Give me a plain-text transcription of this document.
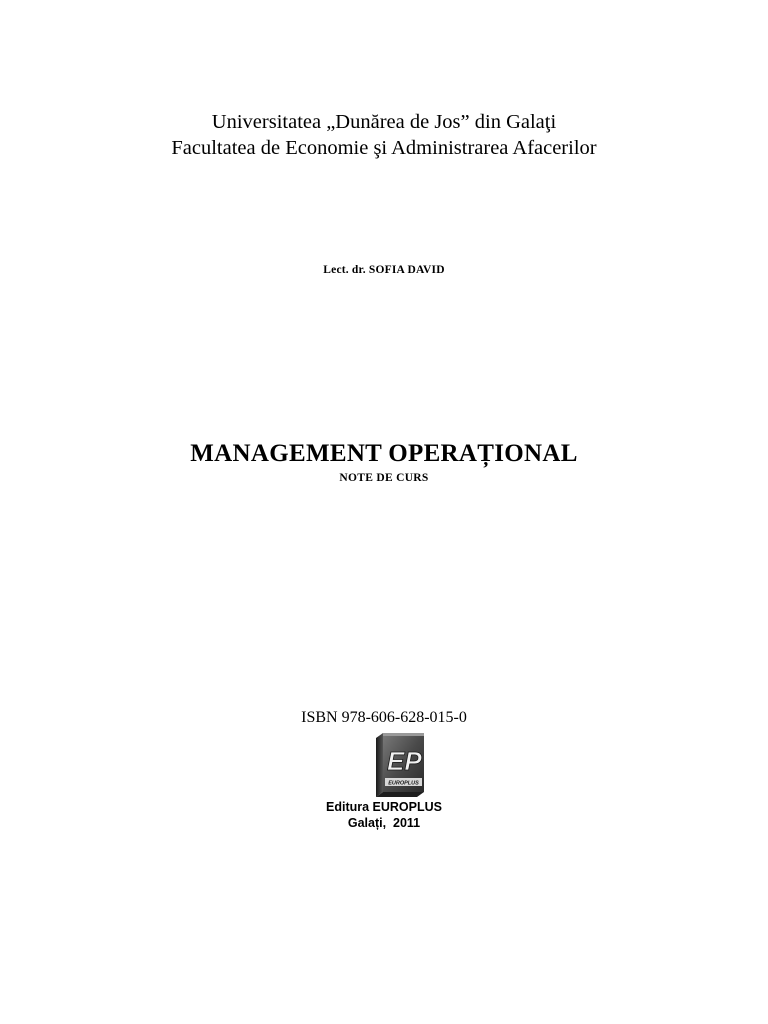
Universitatea „Dunărea de Jos” din Galaţi
Facultatea de Economie şi Administrarea Afacerilor
Lect. dr. SOFIA DAVID
MANAGEMENT OPERAȚIONAL
NOTE DE CURS
ISBN 978-606-628-015-0
EP
EUROPLUS
Editura EUROPLUS
Galați,  2011
